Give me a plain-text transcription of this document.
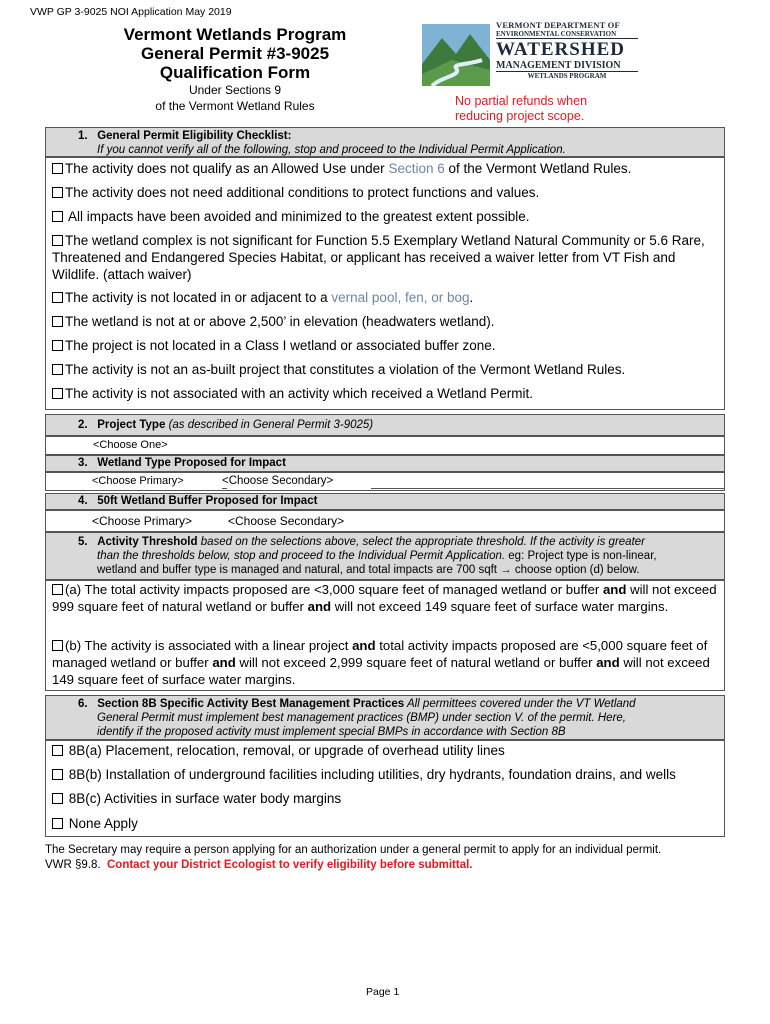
VWP GP 3-9025 NOI Application May 2019
Vermont Wetlands Program
General Permit #3-9025
Qualification Form
Under Sections 9
of the Vermont Wetland Rules	No partial refunds when
reducing project scope.
VERMONT DEPARTMENT OF
ENVIRONMENTAL CONSERVATION
WATERSHED
MANAGEMENT DIVISION
WETLANDS PROGRAM
1. General Permit Eligibility Checklist:
If you cannot verify all of the following, stop and proceed to the Individual Permit Application.
The activity does not qualify as an Allowed Use under Section 6 of the Vermont Wetland Rules.
The activity does not need additional conditions to protect functions and values.
All impacts have been avoided and minimized to the greatest extent possible.
The wetland complex is not significant for Function 5.5 Exemplary Wetland Natural Community or 5.6 Rare, Threatened and Endangered Species Habitat, or applicant has received a waiver letter from VT Fish and Wildlife. (attach waiver)
The activity is not located in or adjacent to a vernal pool, fen, or bog.
The wetland is not at or above 2,500’ in elevation (headwaters wetland).
The project is not located in a Class I wetland or associated buffer zone.
The activity is not an as-built project that constitutes a violation of the Vermont Wetland Rules.
The activity is not associated with an activity which received a Wetland Permit.
2. Project Type (as described in General Permit 3-9025)
<Choose One>
3. Wetland Type Proposed for Impact
<Choose Primary>	<Choose Secondary>
4. 50ft Wetland Buffer Proposed for Impact
<Choose Primary>	<Choose Secondary>
5. Activity Threshold based on the selections above, select the appropriate threshold. If the activity is greater
than the thresholds below, stop and proceed to the Individual Permit Application. eg: Project type is non-linear,
wetland and buffer type is managed and natural, and total impacts are 700 sqft → choose option (d) below.
(a) The total activity impacts proposed are <3,000 square feet of managed wetland or buffer and will not exceed 999 square feet of natural wetland or buffer and will not exceed 149 square feet of surface water margins.
(b) The activity is associated with a linear project and total activity impacts proposed are <5,000 square feet of managed wetland or buffer and will not exceed 2,999 square feet of natural wetland or buffer and will not exceed 149 square feet of surface water margins.
6. Section 8B Specific Activity Best Management Practices All permittees covered under the VT Wetland
General Permit must implement best management practices (BMP) under section V. of the permit. Here,
identify if the proposed activity must implement special BMPs in accordance with Section 8B
8B(a) Placement, relocation, removal, or upgrade of overhead utility lines
8B(b) Installation of underground facilities including utilities, dry hydrants, foundation drains, and wells
8B(c) Activities in surface water body margins
None Apply
The Secretary may require a person applying for an authorization under a general permit to apply for an individual permit.
VWR §9.8. Contact your District Ecologist to verify eligibility before submittal.
Page 1
